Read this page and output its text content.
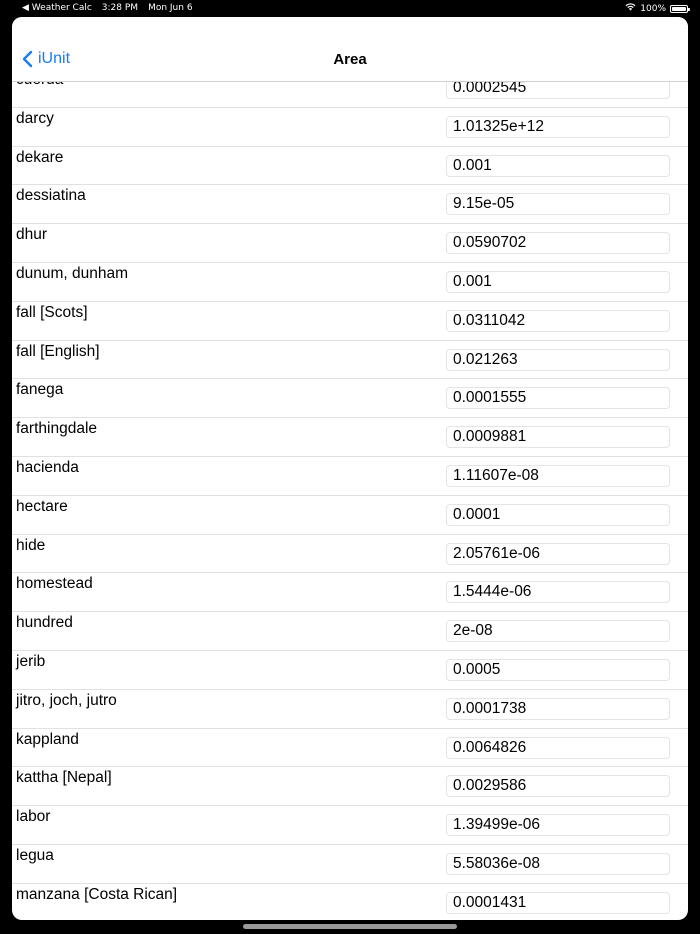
◀ Weather Calc 3:28 PM Mon Jun 6	100%
iUnit	Area
0.0002545
darcy
1.01325e+12
dekare
0.001
dessiatina
9.15e-05
dhur
0.0590702
dunum, dunham
0.001
fall [Scots]
0.0311042
fall [English]
0.021263
fanega
0.0001555
farthingdale
0.0009881
hacienda
1.11607e-08
hectare
0.0001
hide
2.05761e-06
homestead
1.5444e-06
hundred
2e-08
jerib
0.0005
jitro, joch, jutro
0.0001738
kappland
0.0064826
kattha [Nepal]
0.0029586
labor
1.39499e-06
legua
5.58036e-08
manzana [Costa Rican]
0.0001431
